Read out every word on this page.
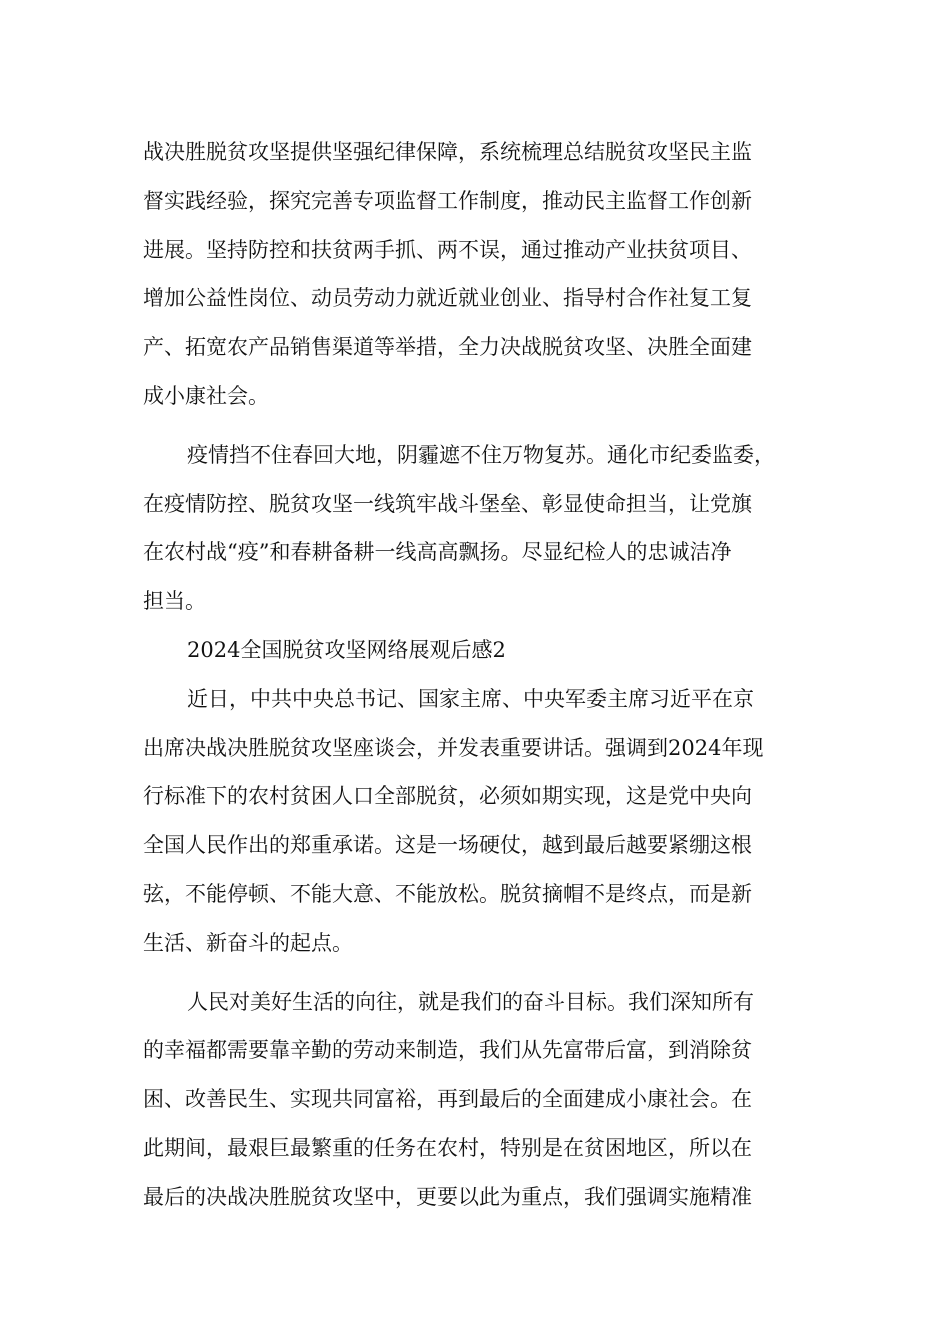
战决胜脱贫攻坚提供坚强纪律保障，系统梳理总结脱贫攻坚民主监
督实践经验，探究完善专项监督工作制度，推动民主监督工作创新
进展。坚持防控和扶贫两手抓、两不误，通过推动产业扶贫项目、
增加公益性岗位、动员劳动力就近就业创业、指导村合作社复工复
产、拓宽农产品销售渠道等举措，全力决战脱贫攻坚、决胜全面建
成小康社会。
疫情挡不住春回大地，阴霾遮不住万物复苏。通化市纪委监委，
在疫情防控、脱贫攻坚一线筑牢战斗堡垒、彰显使命担当，让党旗
在农村战“疫”和春耕备耕一线高高飘扬。尽显纪检人的忠诚洁净
担当。
2024全国脱贫攻坚网络展观后感2
近日，中共中央总书记、国家主席、中央军委主席习近平在京
出席决战决胜脱贫攻坚座谈会，并发表重要讲话。强调到2024年现
行标准下的农村贫困人口全部脱贫，必须如期实现，这是党中央向
全国人民作出的郑重承诺。这是一场硬仗，越到最后越要紧绷这根
弦，不能停顿、不能大意、不能放松。脱贫摘帽不是终点，而是新
生活、新奋斗的起点。
人民对美好生活的向往，就是我们的奋斗目标。我们深知所有
的幸福都需要靠辛勤的劳动来制造，我们从先富带后富，到消除贫
困、改善民生、实现共同富裕，再到最后的全面建成小康社会。在
此期间，最艰巨最繁重的任务在农村，特别是在贫困地区，所以在
最后的决战决胜脱贫攻坚中，更要以此为重点，我们强调实施精准
